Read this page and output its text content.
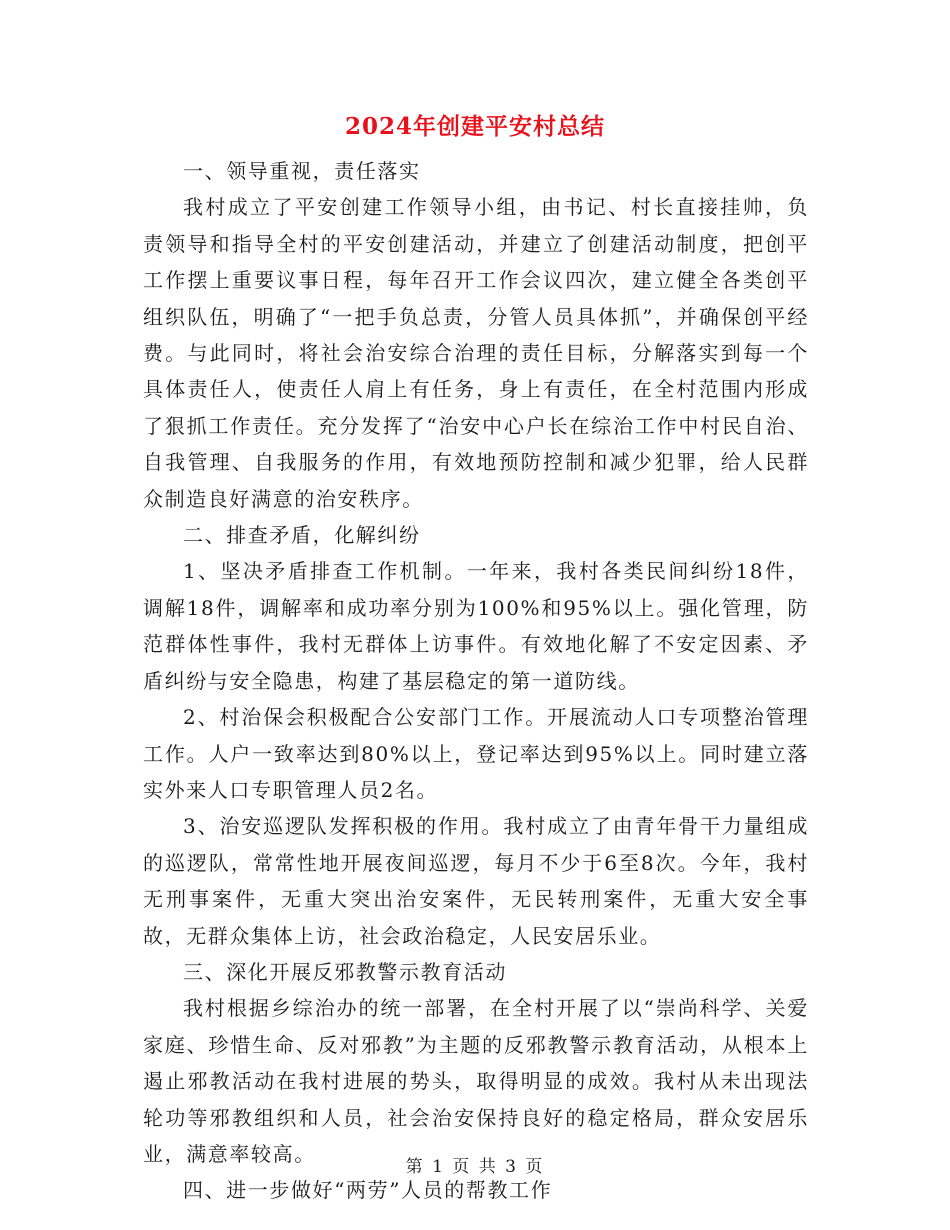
2024年创建平安村总结

一、领导重视，责任落实

我村成立了平安创建工作领导小组，由书记、村长直接挂帅，负责领导和指导全村的平安创建活动，并建立了创建活动制度，把创平工作摆上重要议事日程，每年召开工作会议四次，建立健全各类创平组织队伍，明确了“一把手负总责，分管人员具体抓”，并确保创平经费。与此同时，将社会治安综合治理的责任目标，分解落实到每一个具体责任人，使责任人肩上有任务，身上有责任，在全村范围内形成了狠抓工作责任。充分发挥了“治安中心户长在综治工作中村民自治、自我管理、自我服务的作用，有效地预防控制和减少犯罪，给人民群众制造良好满意的治安秩序。

二、排查矛盾，化解纠纷

1、坚决矛盾排查工作机制。一年来，我村各类民间纠纷18件，调解18件，调解率和成功率分别为100%和95%以上。强化管理，防范群体性事件，我村无群体上访事件。有效地化解了不安定因素、矛盾纠纷与安全隐患，构建了基层稳定的第一道防线。

2、村治保会积极配合公安部门工作。开展流动人口专项整治管理工作。人户一致率达到80%以上，登记率达到95%以上。同时建立落实外来人口专职管理人员2名。

3、治安巡逻队发挥积极的作用。我村成立了由青年骨干力量组成的巡逻队，常常性地开展夜间巡逻，每月不少于6至8次。今年，我村无刑事案件，无重大突出治安案件，无民转刑案件，无重大安全事故，无群众集体上访，社会政治稳定，人民安居乐业。

三、深化开展反邪教警示教育活动

我村根据乡综治办的统一部署，在全村开展了以“崇尚科学、关爱家庭、珍惜生命、反对邪教”为主题的反邪教警示教育活动，从根本上遏止邪教活动在我村进展的势头，取得明显的成效。我村从未出现法轮功等邪教组织和人员，社会治安保持良好的稳定格局，群众安居乐业，满意率较高。

四、进一步做好“两劳”人员的帮教工作

第 1 页 共 3 页
